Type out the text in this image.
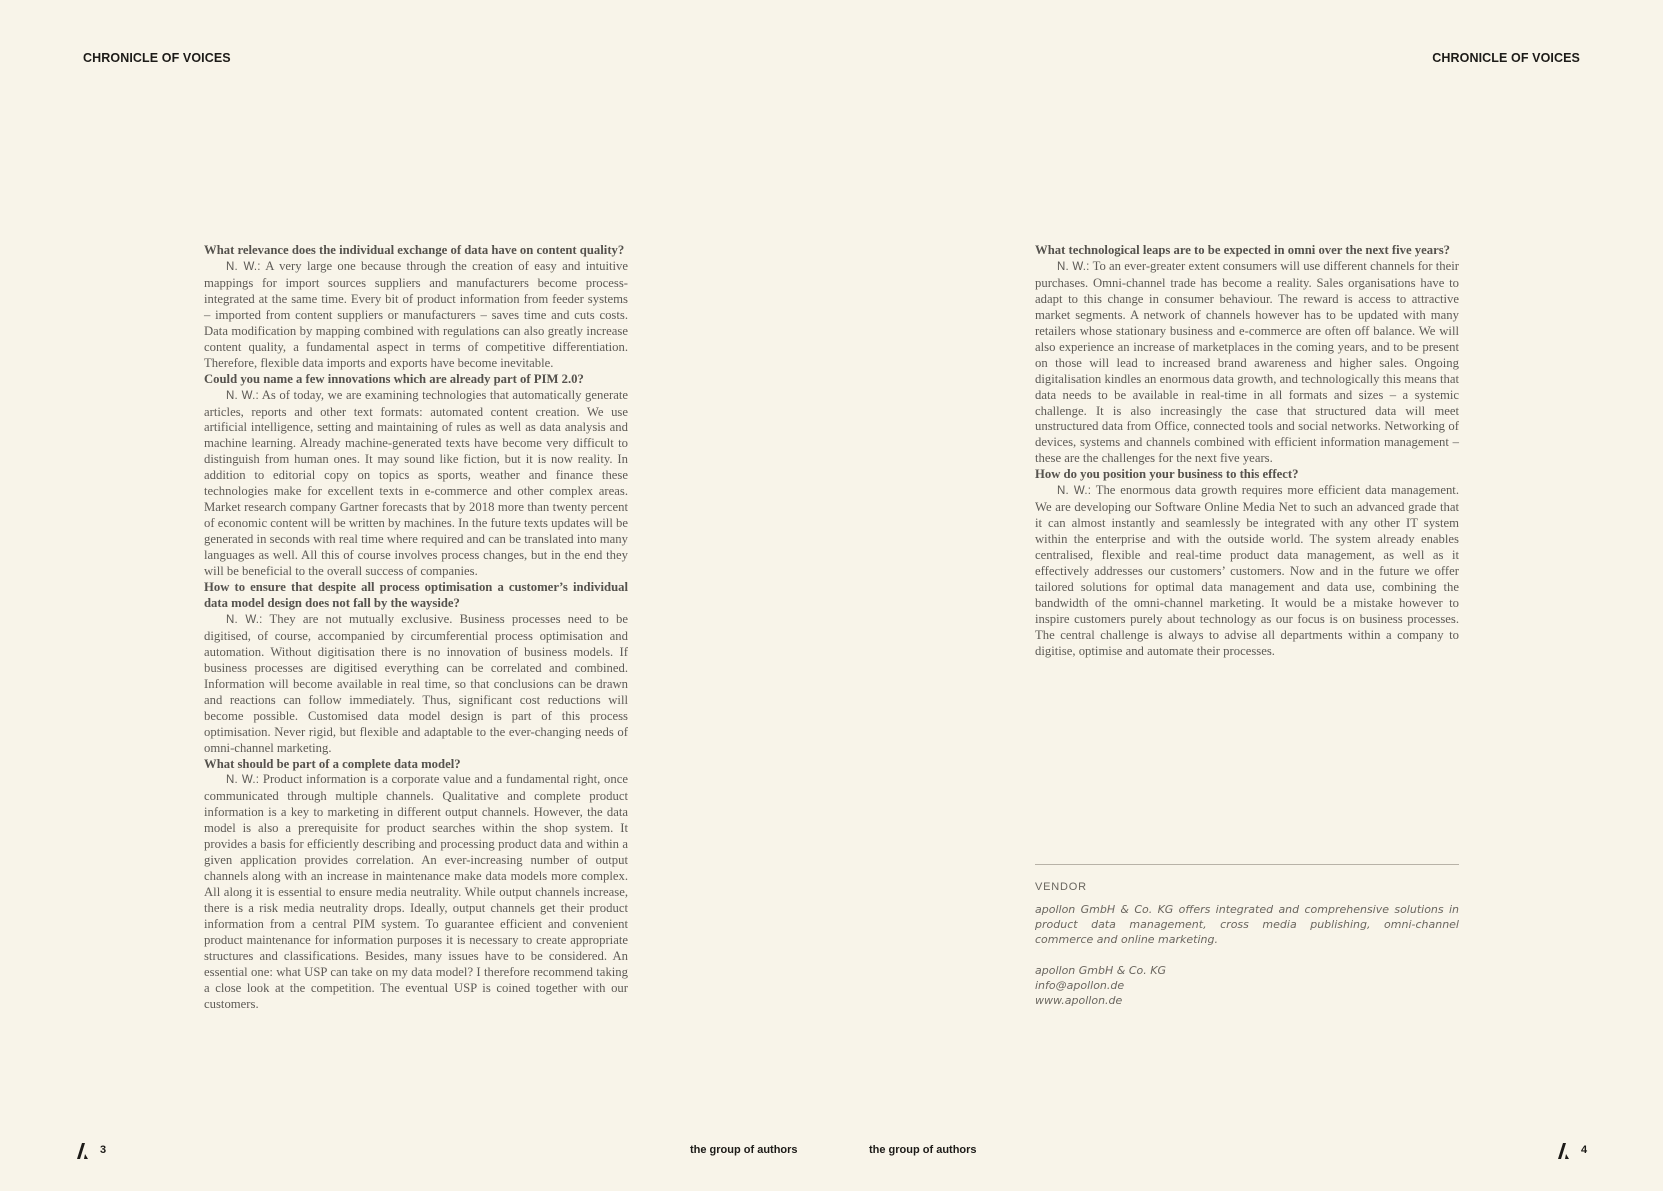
CHRONICLE OF VOICES	CHRONICLE OF VOICES

What relevance does the individual exchange of data have on content quality?

N. W.: A very large one because through the creation of easy and intuitive mappings for import sources suppliers and manufacturers become process-integrated at the same time. Every bit of product information from feeder systems – imported from content suppliers or manufacturers – saves time and cuts costs. Data modification by mapping combined with regulations can also greatly increase content quality, a fundamental aspect in terms of competitive differentiation. Therefore, flexible data imports and exports have become inevitable.

Could you name a few innovations which are already part of PIM 2.0?

N. W.: As of today, we are examining technologies that automatically generate articles, reports and other text formats: automated content creation. We use artificial intelligence, setting and maintaining of rules as well as data analysis and machine learning. Already machine-generated texts have become very difficult to distinguish from human ones. It may sound like fiction, but it is now reality. In addition to editorial copy on topics as sports, weather and finance these technologies make for excellent texts in e-commerce and other complex areas. Market research company Gartner forecasts that by 2018 more than twenty percent of economic content will be written by machines. In the future texts updates will be generated in seconds with real time where required and can be translated into many languages as well. All this of course involves process changes, but in the end they will be beneficial to the overall success of companies.

How to ensure that despite all process optimisation a customer’s individual data model design does not fall by the wayside?

N. W.: They are not mutually exclusive. Business processes need to be digitised, of course, accompanied by circumferential process optimisation and automation. Without digitisation there is no innovation of business models. If business processes are digitised everything can be correlated and combined. Information will become available in real time, so that conclusions can be drawn and reactions can follow immediately. Thus, significant cost reductions will become possible. Customised data model design is part of this process optimisation. Never rigid, but flexible and adaptable to the ever-changing needs of omni-channel marketing.

What should be part of a complete data model?

N. W.: Product information is a corporate value and a fundamental right, once communicated through multiple channels. Qualitative and complete product information is a key to marketing in different output channels. However, the data model is also a prerequisite for product searches within the shop system. It provides a basis for efficiently describing and processing product data and within a given application provides correlation. An ever-increasing number of output channels along with an increase in maintenance make data models more complex. All along it is essential to ensure media neutrality. While output channels increase, there is a risk media neutrality drops. Ideally, output channels get their product information from a central PIM system. To guarantee efficient and convenient product maintenance for information purposes it is necessary to create appropriate structures and classifications. Besides, many issues have to be considered. An essential one: what USP can take on my data model? I therefore recommend taking a close look at the competition. The eventual USP is coined together with our customers.

What technological leaps are to be expected in omni over the next five years?

N. W.: To an ever-greater extent consumers will use different channels for their purchases. Omni-channel trade has become a reality. Sales organisations have to adapt to this change in consumer behaviour. The reward is access to attractive market segments. A network of channels however has to be updated with many retailers whose stationary business and e-commerce are often off balance. We will also experience an increase of marketplaces in the coming years, and to be present on those will lead to increased brand awareness and higher sales. Ongoing digitalisation kindles an enormous data growth, and technologically this means that data needs to be available in real-time in all formats and sizes – a systemic challenge. It is also increasingly the case that structured data will meet unstructured data from Office, connected tools and social networks. Networking of devices, systems and channels combined with efficient information management – these are the challenges for the next five years.

How do you position your business to this effect?

N. W.: The enormous data growth requires more efficient data management. We are developing our Software Online Media Net to such an advanced grade that it can almost instantly and seamlessly be integrated with any other IT system within the enterprise and with the outside world. The system already enables centralised, flexible and real-time product data management, as well as it effectively addresses our customers’ customers. Now and in the future we offer tailored solutions for optimal data management and data use, combining the bandwidth of the omni-channel marketing. It would be a mistake however to inspire customers purely about technology as our focus is on business processes. The central challenge is always to advise all departments within a company to digitise, optimise and automate their processes.

VENDOR
apollon GmbH & Co. KG offers integrated and comprehensive solutions in product data management, cross media publishing, omni-channel commerce and online marketing.
apollon GmbH & Co. KG
info@apollon.de
www.apollon.de
3	the group of authors	the group of authors	4
